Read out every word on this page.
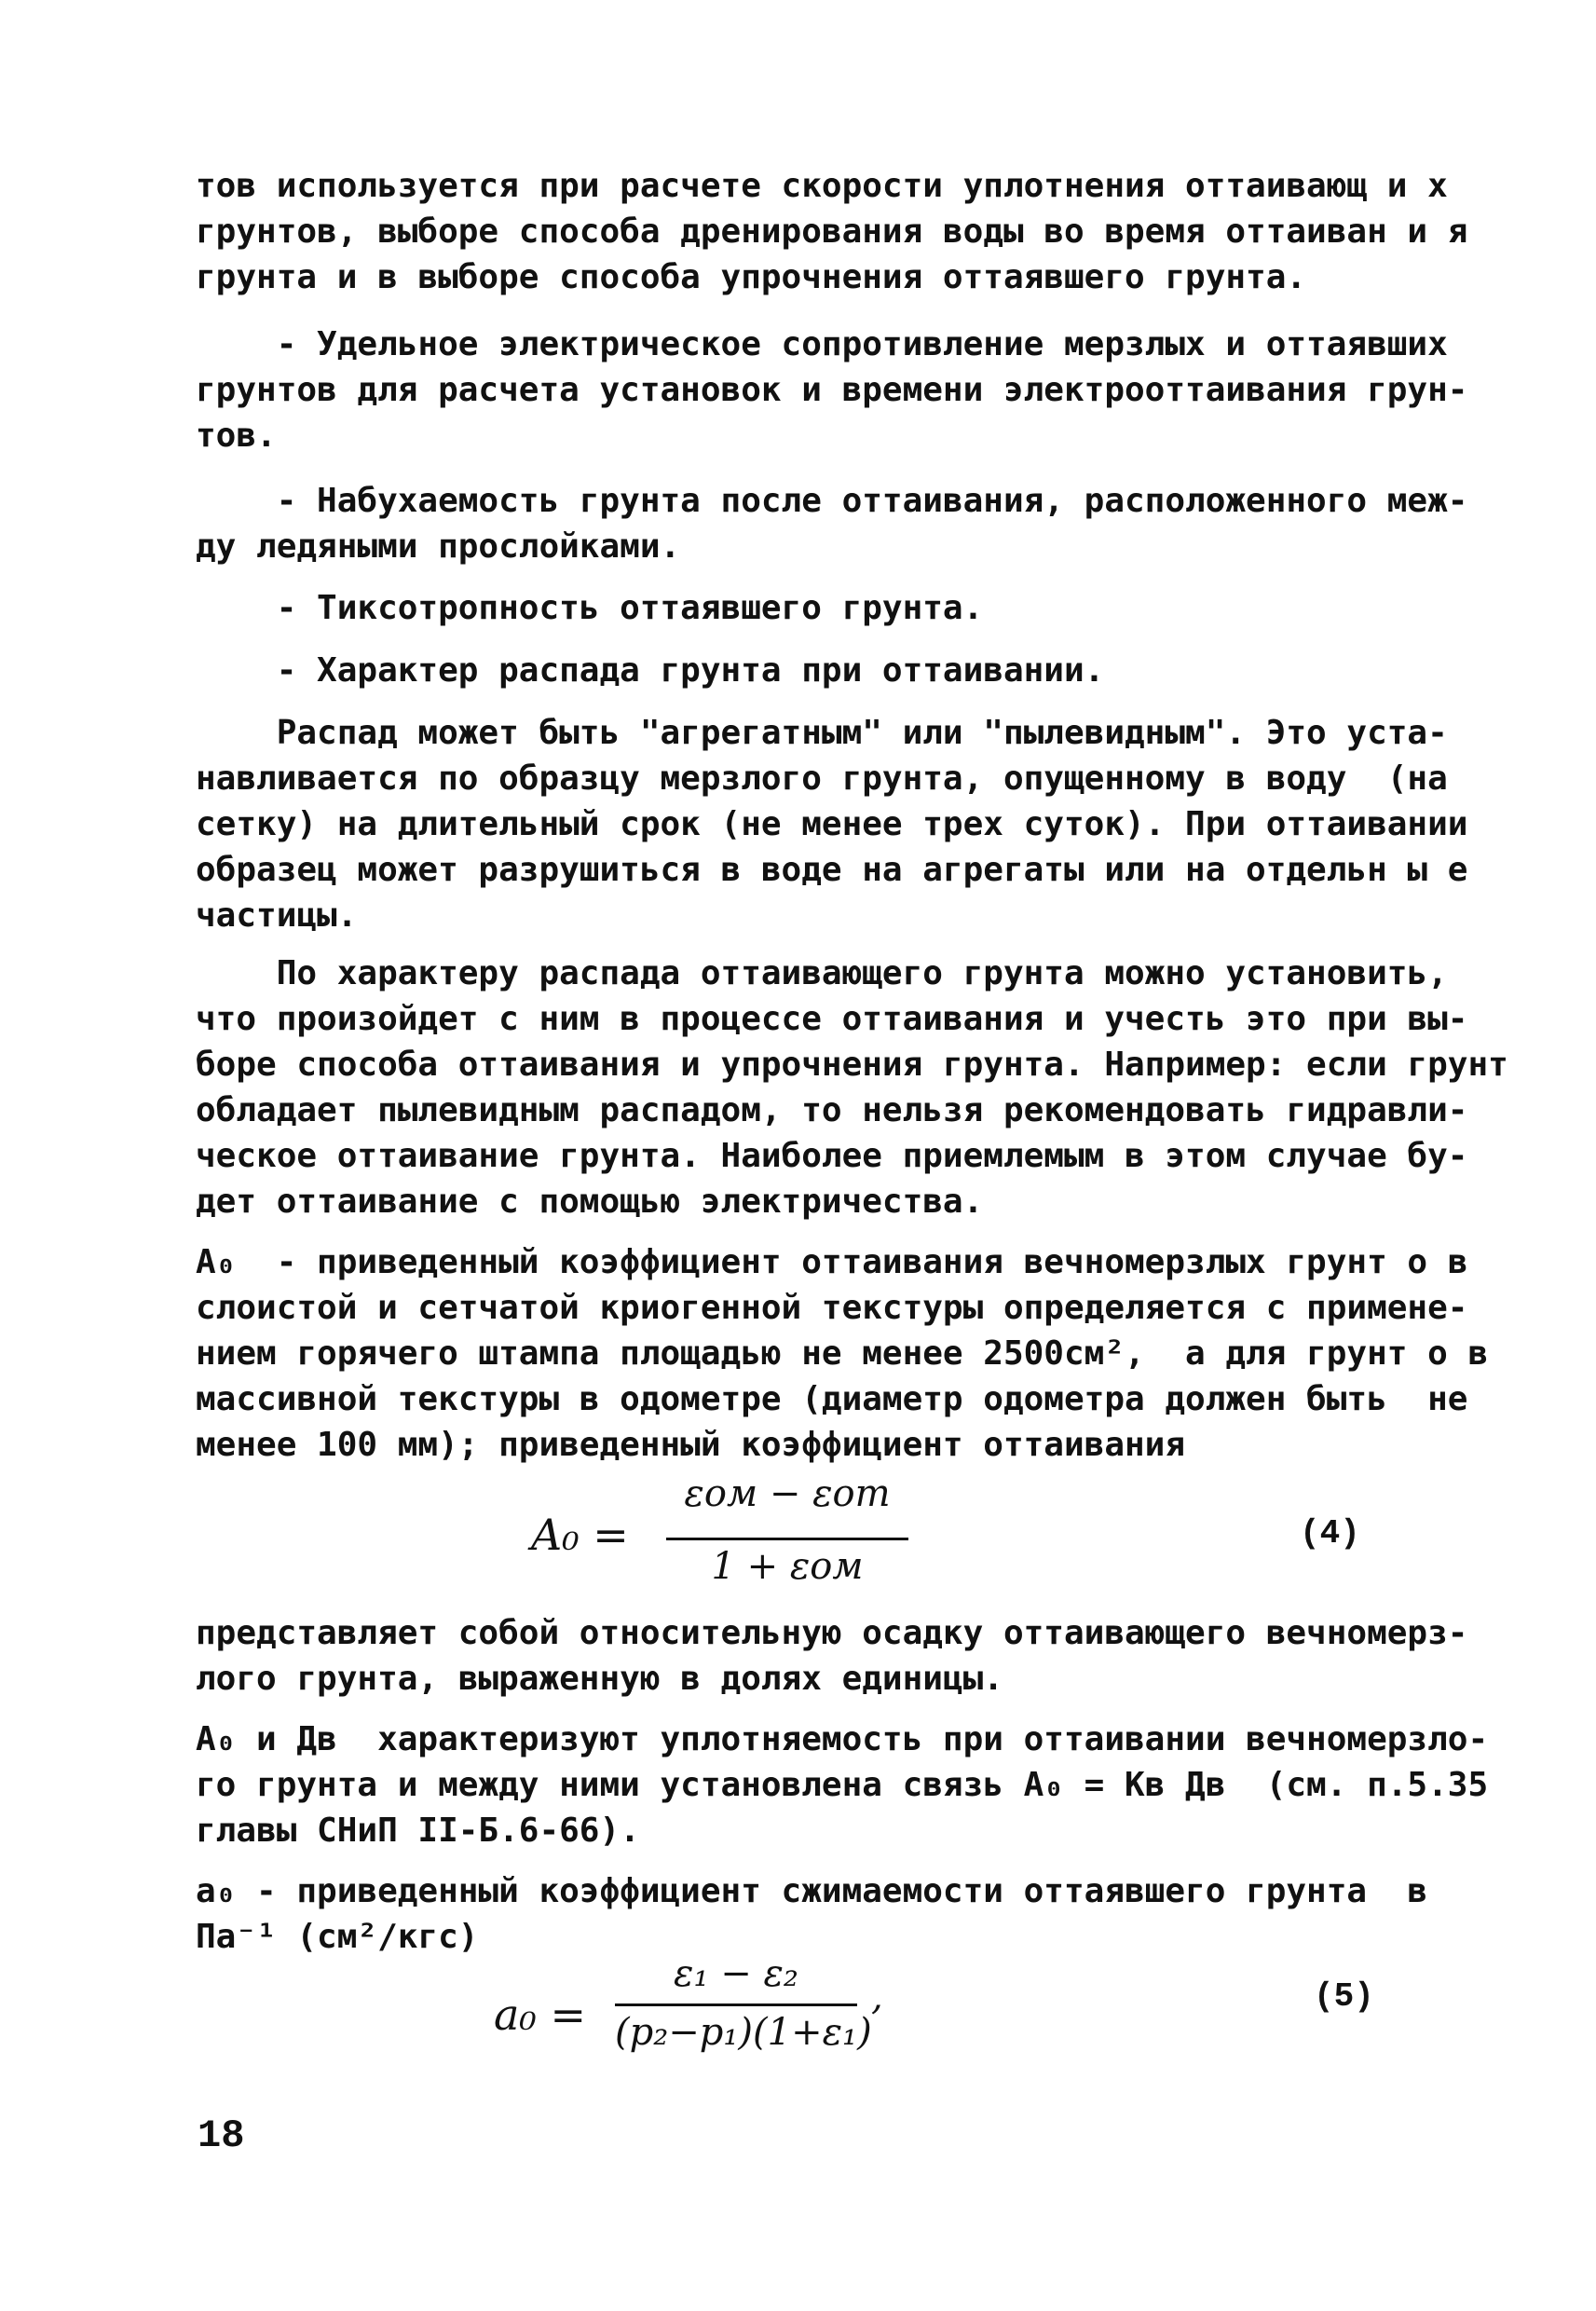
тов используется при расчете скорости уплотнения оттаивающ и х
грунтов, выборе способа дренирования воды во время оттаиван и я
грунта и в выборе способа упрочнения оттаявшего грунта.
- Удельное электрическое сопротивление мерзлых и оттаявших
грунтов для расчета установок и времени электрооттаивания грун-
тов.
- Набухаемость грунта после оттаивания, расположенного меж-
ду ледяными прослойками.
- Тиксотропность оттаявшего грунта.
- Характер распада грунта при оттаивании.
Распад может быть "агрегатным" или "пылевидным". Это уста-
навливается по образцу мерзлого грунта, опущенному в воду  (на
сетку) на длительный срок (не менее трех суток). При оттаивании
образец может разрушиться в воде на агрегаты или на отдельн ы е
частицы.
По характеру распада оттаивающего грунта можно установить,
что произойдет с ним в процессе оттаивания и учесть это при вы-
боре способа оттаивания и упрочнения грунта. Например: если грунт
обладает пылевидным распадом, то нельзя рекомендовать гидравли-
ческое оттаивание грунта. Наиболее приемлемым в этом случае бу-
дет оттаивание с помощью электричества.
A₀  - приведенный коэффициент оттаивания вечномерзлых грунт о в
слоистой и сетчатой криогенной текстуры определяется с примене-
нием горячего штампа площадью не менее 2500см²,  а для грунт о в
массивной текстуры в одометре (диаметр одометра должен быть  не
менее 100 мм); приведенный коэффициент оттаивания
A₀ =
εом − εот
1 + εом
(4)
представляет собой относительную осадку оттаивающего вечномерз-
лого грунта, выраженную в долях единицы.
A₀ и Дв  характеризуют уплотняемость при оттаивании вечномерзло-
го грунта и между ними установлена связь A₀ = Кв Дв  (см. п.5.35
главы СНиП II-Б.6-66).
a₀ - приведенный коэффициент сжимаемости оттаявшего грунта  в
Па⁻¹ (см²/кгс)
a₀ =
ε₁ − ε₂
(p₂−p₁)(1+ε₁)
,	(5)
18
